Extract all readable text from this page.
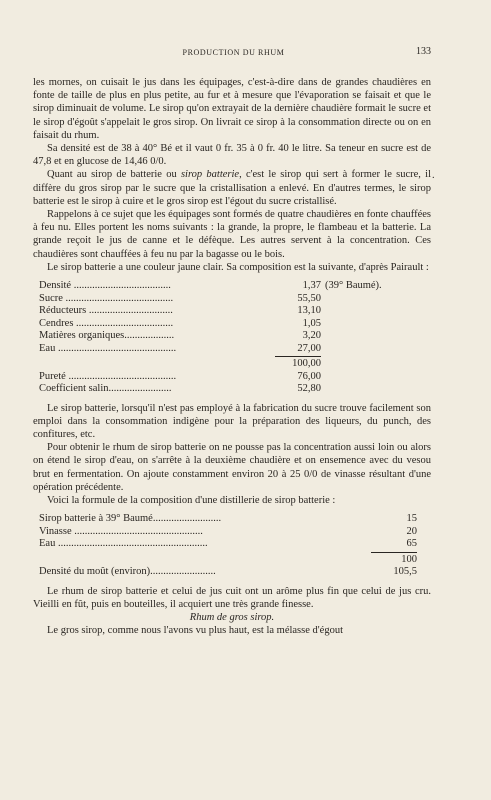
PRODUCTION DU RHUM	133
·

les mornes, on cuisait le jus dans les équipages, c'est-à-dire dans de grandes chaudières en fonte de taille de plus en plus petite, au fur et à mesure que l'évaporation se faisait et que le sirop diminuait de volume. Le sirop qu'on extrayait de la dernière chaudière formait le sucre et le sirop d'égoût s'appelait le gros sirop. On livrait ce sirop à la consommation directe ou on en faisait du rhum.

Sa densité est de 38 à 40° Bé et il vaut 0 fr. 35 à 0 fr. 40 le litre. Sa teneur en sucre est de 47,8 et en glucose de 14,46 0/0.

Quant au sirop de batterie ou sirop batterie, c'est le sirop qui sert à former le sucre, il diffère du gros sirop par le sucre que la cristallisation a enlevé. En d'autres termes, le sirop batterie est le sirop à cuire et le gros sirop est l'égout du sucre cristallisé.

Rappelons à ce sujet que les équipages sont formés de quatre chaudières en fonte chauffées à feu nu. Elles portent les noms suivants : la grande, la propre, le flambeau et la batterie. La grande reçoit le jus de canne et le défèque. Les autres servent à la concentration. Ces chaudières sont chauffées à feu nu par la bagasse ou le bois.

Le sirop batterie a une couleur jaune clair. Sa composition est la suivante, d'après Pairault :

Densité .....................................	1,37 (39° Baumé).
Sucre .........................................	55,50
Réducteurs ................................	13,10
Cendres .....................................	1,05
Matières organiques...................	3,20
Eau .............................................	27,00
100,00
Pureté .........................................	76,00
Coefficient salin........................	52,80

Le sirop batterie, lorsqu'il n'est pas employé à la fabrication du sucre trouve facilement son emploi dans la consommation indigène pour la préparation des liqueurs, du punch, des confitures, etc.

Pour obtenir le rhum de sirop batterie on ne pousse pas la concentration aussi loin ou alors on étend le sirop d'eau, on s'arrête à la deuxième chaudière et on ensemence avec du vesou brut en fermentation. On ajoute constamment environ 20 à 25 0/0 de vinasse résultant d'une opération précédente.

Voici la formule de la composition d'une distillerie de sirop batterie :

Sirop batterie à 39° Baumé..........................	15
Vinasse .................................................	20
Eau .........................................................	65
100
Densité du moût (environ).........................	105,5

Le rhum de sirop batterie et celui de jus cuit ont un arôme plus fin que celui de jus cru. Vieilli en fût, puis en bouteilles, il acquiert une très grande finesse.

Rhum de gros sirop.

Le gros sirop, comme nous l'avons vu plus haut, est la mélasse d'égout
